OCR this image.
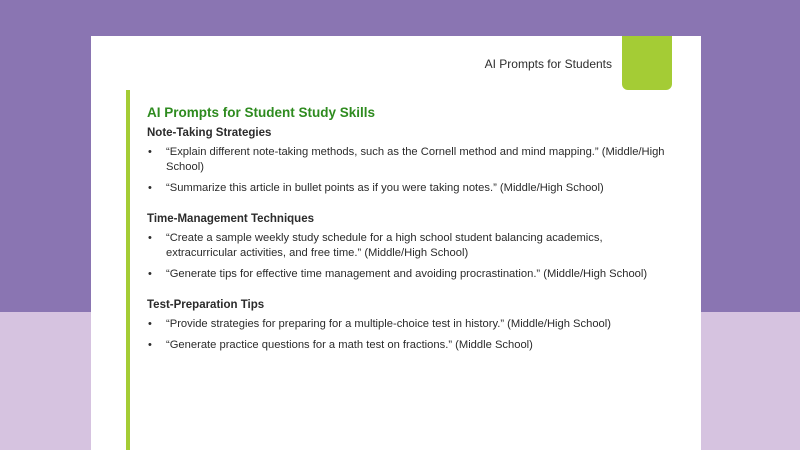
AI Prompts for Students
AI Prompts for Student Study Skills
Note-Taking Strategies
• “Explain different note-taking methods, such as the Cornell method and mind mapping.” (Middle/High School)
• “Summarize this article in bullet points as if you were taking notes.” (Middle/High School)
Time-Management Techniques
• “Create a sample weekly study schedule for a high school student balancing academics, extracurricular activities, and free time.” (Middle/High School)
• “Generate tips for effective time management and avoiding procrastination.” (Middle/High School)
Test-Preparation Tips
• “Provide strategies for preparing for a multiple-choice test in history.” (Middle/High School)
• “Generate practice questions for a math test on fractions.” (Middle School)
